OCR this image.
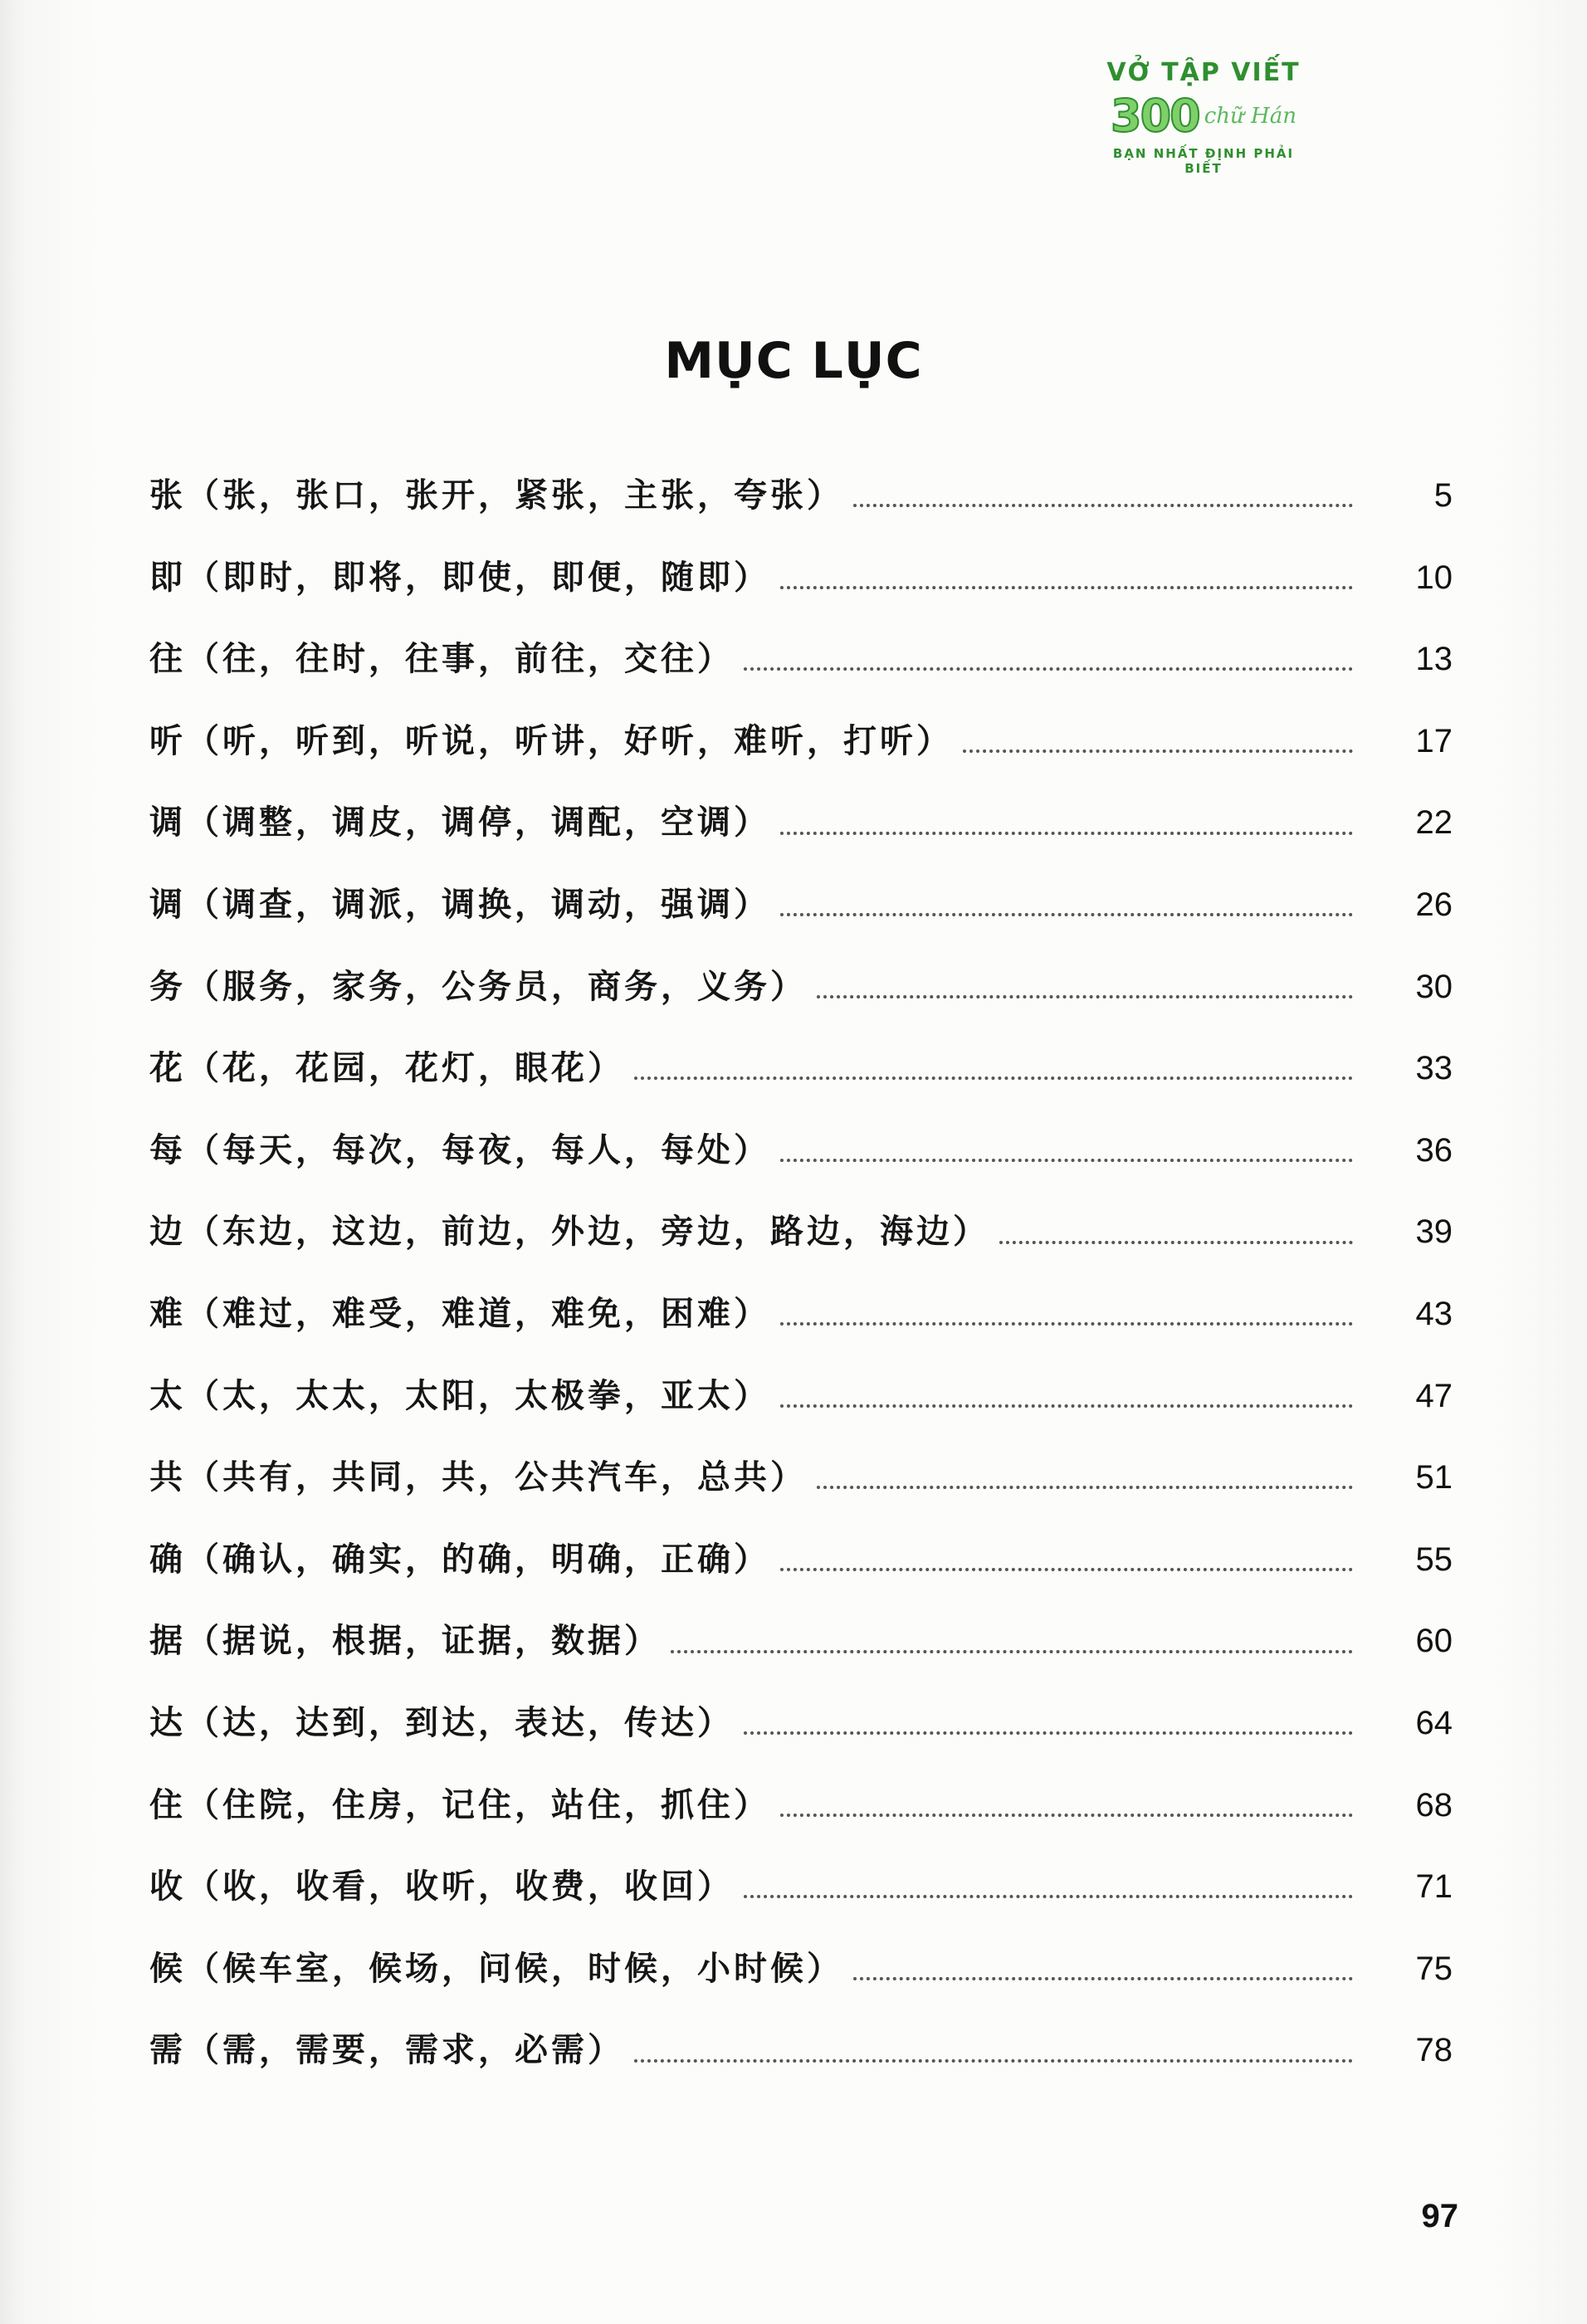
VỞ TẬP VIẾT
300 chữ Hán
BẠN NHẤT ĐỊNH PHẢI BIẾT
MỤC LỤC
张（张，张口，张开，紧张，主张，夸张）	5
即（即时，即将，即使，即便，随即）	10
往（往，往时，往事，前往，交往）	13
听（听，听到，听说，听讲，好听，难听，打听）	17
调（调整，调皮，调停，调配，空调）	22
调（调查，调派，调换，调动，强调）	26
务（服务，家务，公务员，商务，义务）	30
花（花，花园，花灯，眼花）	33
每（每天，每次，每夜，每人，每处）	36
边（东边，这边，前边，外边，旁边，路边，海边）	39
难（难过，难受，难道，难免，困难）	43
太（太，太太，太阳，太极拳，亚太）	47
共（共有，共同，共，公共汽车，总共）	51
确（确认，确实，的确，明确，正确）	55
据（据说，根据，证据，数据）	60
达（达，达到，到达，表达，传达）	64
住（住院，住房，记住，站住，抓住）	68
收（收，收看，收听，收费，收回）	71
候（候车室，候场，问候，时候，小时候）	75
需（需，需要，需求，必需）	78
97
